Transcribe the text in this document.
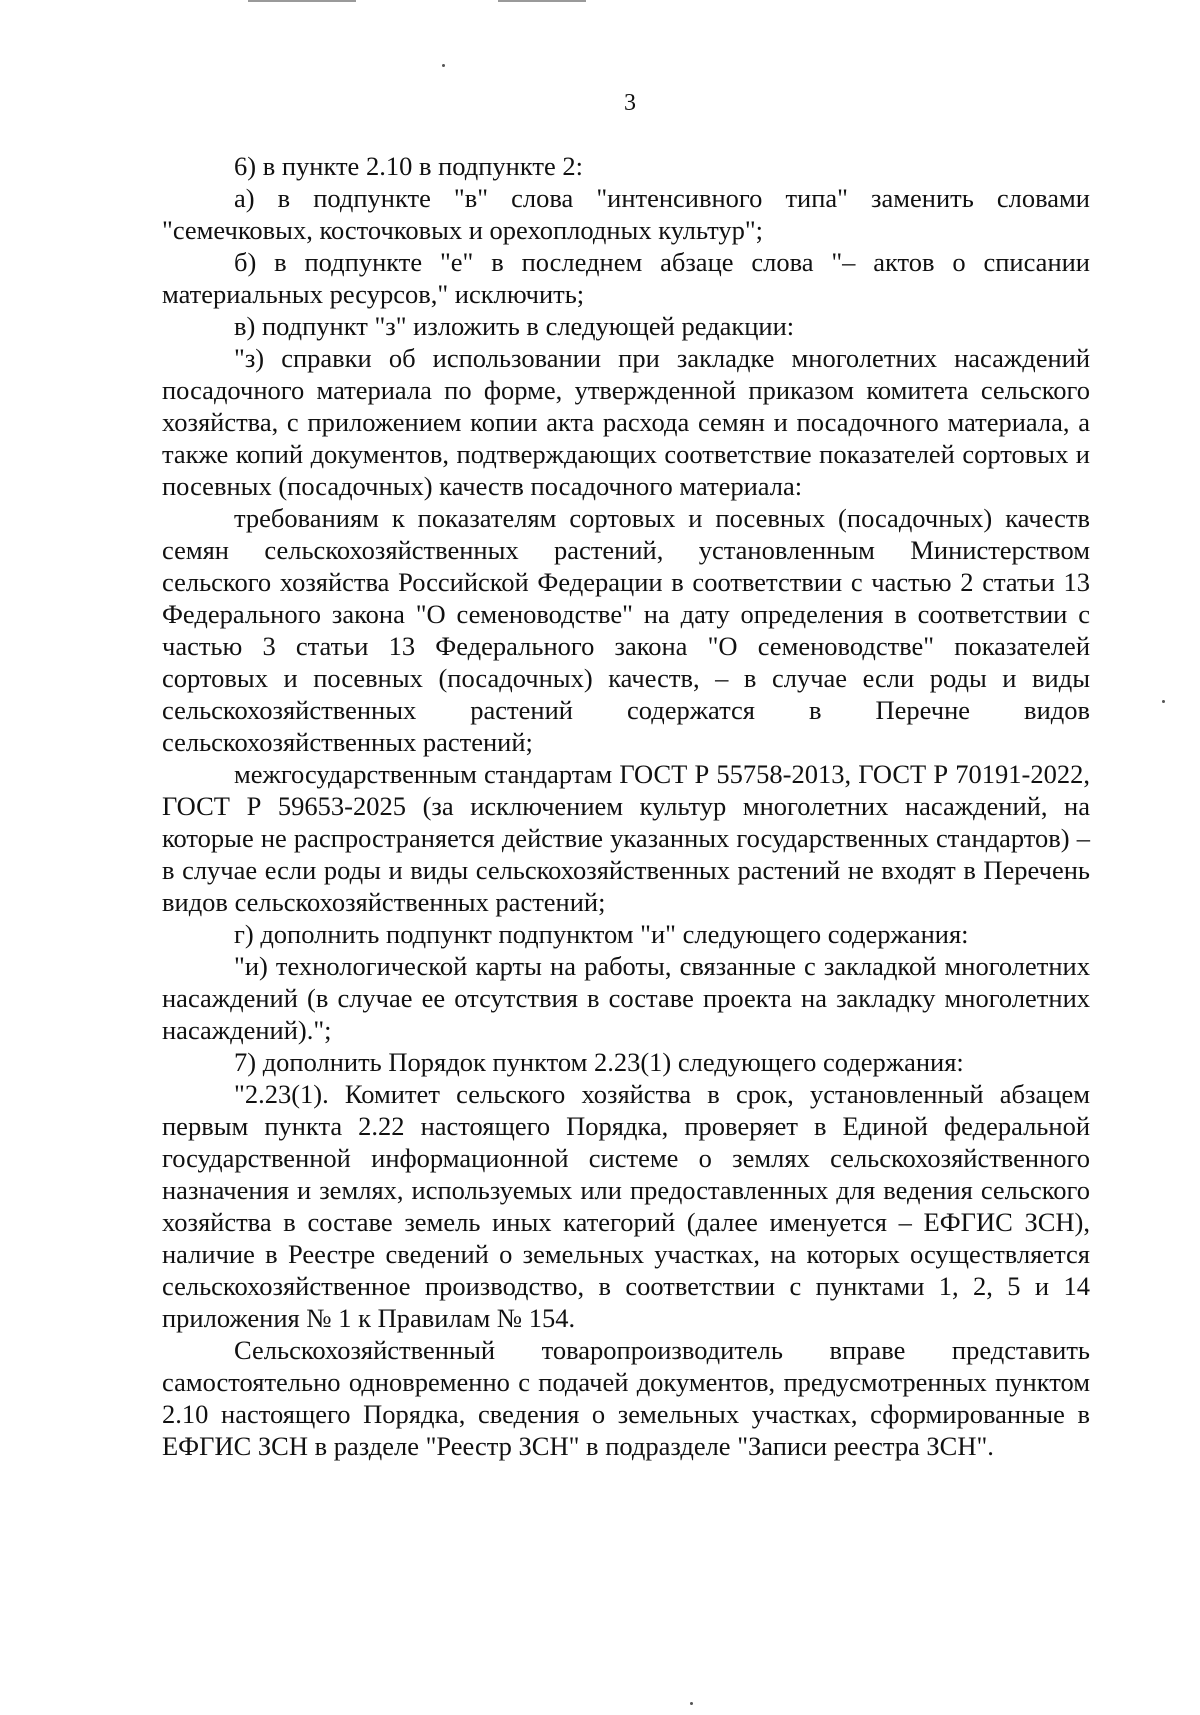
3

6) в пункте 2.10 в подпункте 2:

а) в подпункте "в" слова "интенсивного типа" заменить словами "семечковых, косточковых и орехоплодных культур";

б) в подпункте "е" в последнем абзаце слова "– актов о списании материальных ресурсов," исключить;

в) подпункт "з" изложить в следующей редакции:

"з) справки об использовании при закладке многолетних насаждений посадочного материала по форме, утвержденной приказом комитета сельского хозяйства, с приложением копии акта расхода семян и посадочного материала, а также копий документов, подтверждающих соответствие показателей сортовых и посевных (посадочных) качеств посадочного материала:

требованиям к показателям сортовых и посевных (посадочных) качеств семян сельскохозяйственных растений, установленным Министерством сельского хозяйства Российской Федерации в соответствии с частью 2 статьи 13 Федерального закона "О семеноводстве" на дату определения в соответствии с частью 3 статьи 13 Федерального закона "О семеноводстве" показателей сортовых и посевных (посадочных) качеств, – в случае если роды и виды сельскохозяйственных растений содержатся в Перечне видов сельскохозяйственных растений;

межгосударственным стандартам ГОСТ Р 55758-2013, ГОСТ Р 70191-2022, ГОСТ Р 59653-2025 (за исключением культур многолетних насаждений, на которые не распространяется действие указанных государственных стандартов) – в случае если роды и виды сельскохозяйственных растений не входят в Перечень видов сельскохозяйственных растений;

г) дополнить подпункт подпунктом "и" следующего содержания:

"и) технологической карты на работы, связанные с закладкой многолетних насаждений (в случае ее отсутствия в составе проекта на закладку многолетних насаждений).";

7) дополнить Порядок пунктом 2.23(1) следующего содержания:

"2.23(1). Комитет сельского хозяйства в срок, установленный абзацем первым пункта 2.22 настоящего Порядка, проверяет в Единой федеральной государственной информационной системе о землях сельскохозяйственного назначения и землях, используемых или предоставленных для ведения сельского хозяйства в составе земель иных категорий (далее именуется – ЕФГИС ЗСН), наличие в Реестре сведений о земельных участках, на которых осуществляется сельскохозяйственное производство, в соответствии с пунктами 1, 2, 5 и 14 приложения № 1 к Правилам № 154.

Сельскохозяйственный товаропроизводитель вправе представить самостоятельно одновременно с подачей документов, предусмотренных пунктом 2.10 настоящего Порядка, сведения о земельных участках, сформированные в ЕФГИС ЗСН в разделе "Реестр ЗСН" в подразделе "Записи реестра ЗСН".
